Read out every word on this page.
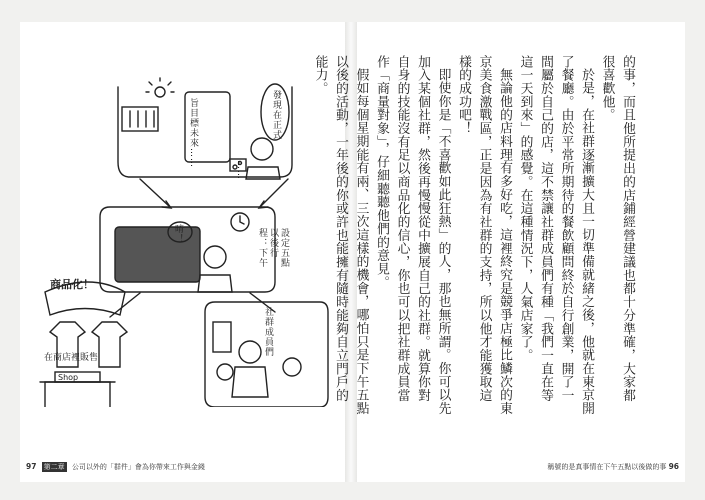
旨目標未來……	發現在正式
……
唷！	設定五點以後行程：下午
商品化！
社群成員們
在商店裡販售
Shop
97 第二章 公司以外的「群件」會為你帶來工作與金錢

的事，而且他所提出的店鋪經營建議也都十分準確，大家都很喜歡他。

於是，在社群逐漸擴大且一切準備就緒之後，他就在東京開了餐廳。由於平常所期待的餐飲顧問終於自行創業，開了一間屬於自己的店，這不禁讓社群成員們有種「我們一直在等這一天到來」的感覺。在這種情況下，人氣店家了。

無論他的店料理有多好吃，這裡終究是競爭店極比鱗次的東京美食激戰區，正是因為有社群的支持，所以他才能獲取這樣的成功吧！

即使你是「不喜歡如此狂熱」的人，那也無所謂。你可以先加入某個社群，然後再慢慢從中擴展自己的社群。就算你對自身的技能沒有足以商品化的信心，你也可以把社群成員當作「商量對象」，仔細聽聽他們的意見。

假如每個星期能有兩、三次這樣的機會，哪怕只是下午五點以後的活動，一年後的你或許也能擁有隨時能夠自立門戶的能力。

稱號的是真事情在下午五點以後做的事 96
